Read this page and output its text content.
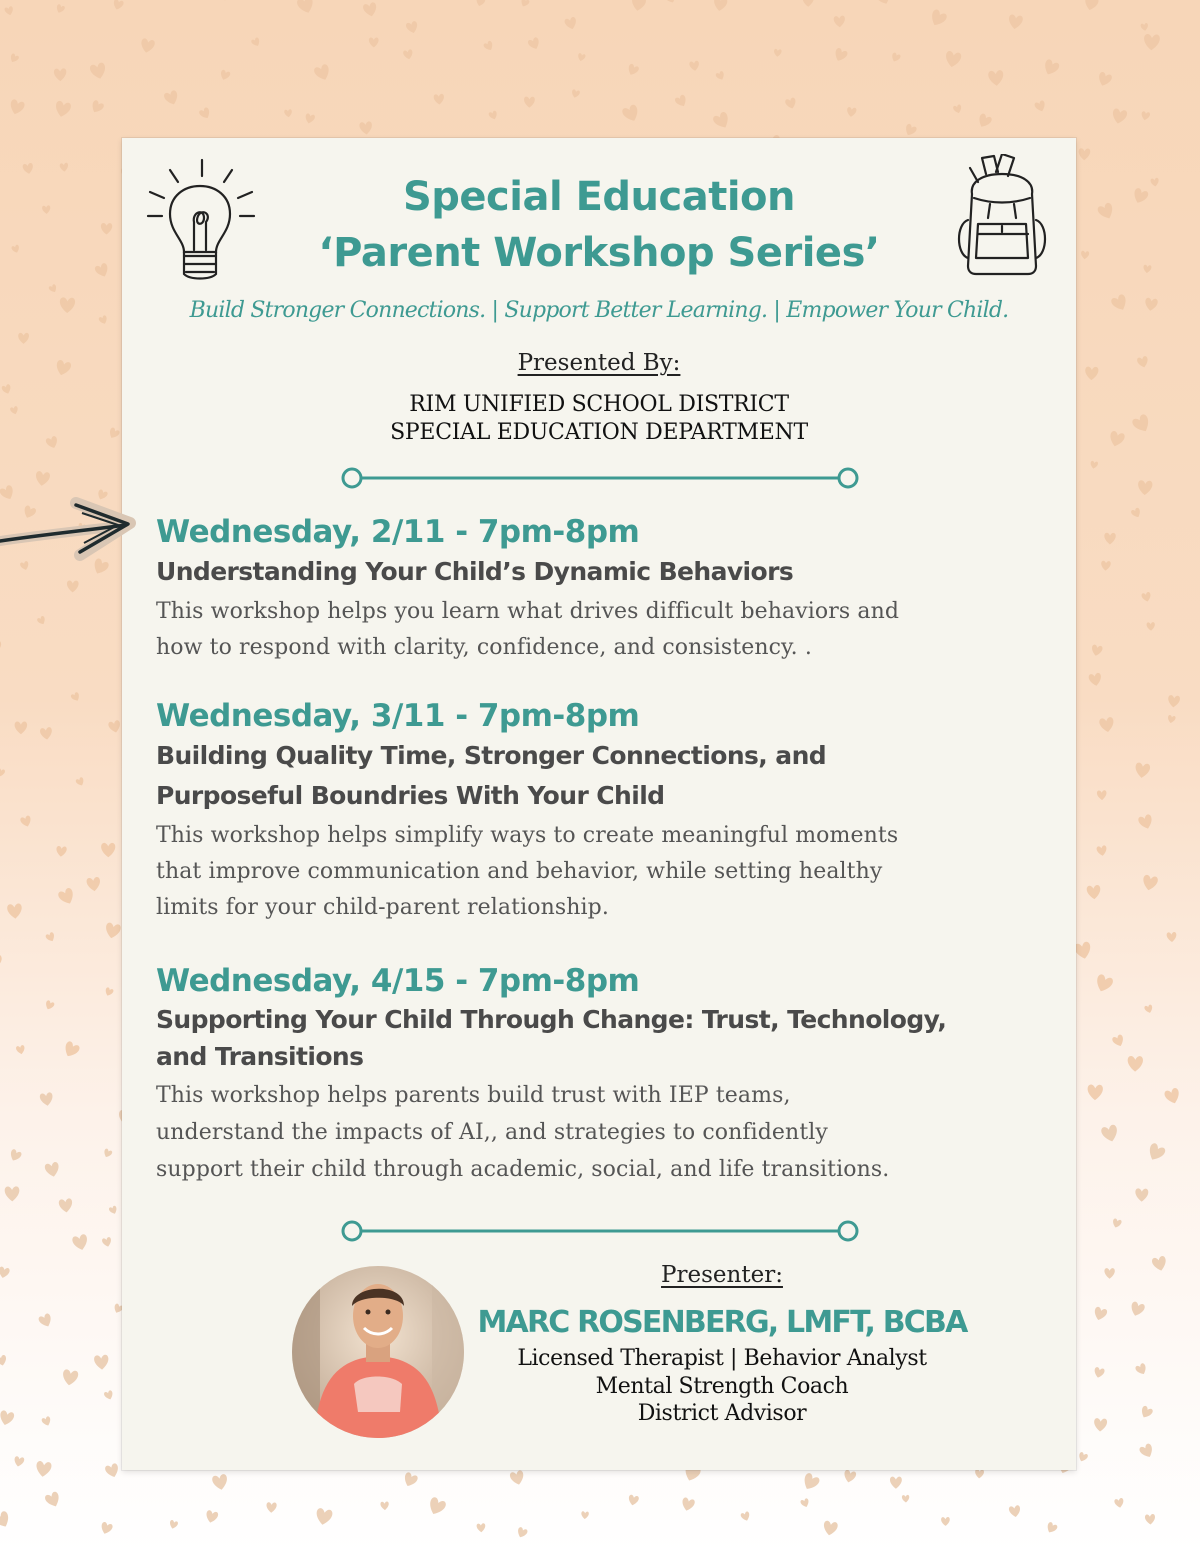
Special Education
‘Parent Workshop Series’
Build Stronger Connections. | Support Better Learning. | Empower Your Child.
Presented By:
RIM UNIFIED SCHOOL DISTRICT
SPECIAL EDUCATION DEPARTMENT
Wednesday, 2/11 - 7pm-8pm
Understanding Your Child’s Dynamic Behaviors
This workshop helps you learn what drives difficult behaviors and
how to respond with clarity, confidence, and consistency. .
Wednesday, 3/11 - 7pm-8pm
Building Quality Time, Stronger Connections, and
Purposeful Boundries With Your Child
This workshop helps simplify ways to create meaningful moments
that improve communication and behavior, while setting healthy
limits for your child-parent relationship.
Wednesday, 4/15 - 7pm-8pm
Supporting Your Child Through Change: Trust, Technology,
and Transitions
This workshop helps parents build trust with IEP teams,
understand the impacts of AI,, and strategies to confidently
support their child through academic, social, and life transitions.
Presenter:
MARC ROSENBERG, LMFT, BCBA
Licensed Therapist | Behavior Analyst
Mental Strength Coach
District Advisor
